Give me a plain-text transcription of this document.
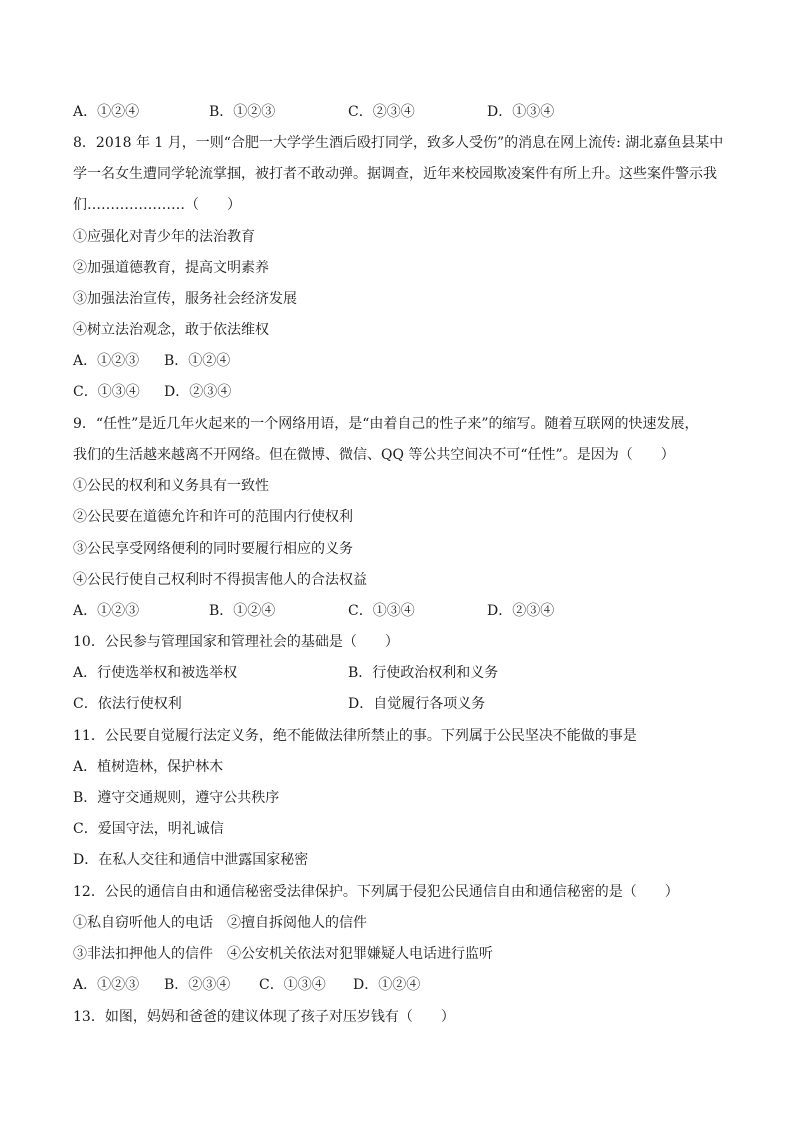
A．①②④	B．①②③	C．②③④	D．①③④
8．2018 年 1 月，一则“合肥一大学学生酒后殴打同学，致多人受伤”的消息在网上流传: 湖北嘉鱼县某中
学一名女生遭同学轮流掌掴，被打者不敢动弹。据调查，近年来校园欺凌案件有所上升。这些案件警示我
们…………………（　　）
①应强化对青少年的法治教育
②加强道德教育，提高文明素养
③加强法治宣传，服务社会经济发展
④树立法治观念，敢于依法维权
A．①②③ B．①②④
C．①③④ D．②③④
9．“任性”是近几年火起来的一个网络用语，是“由着自己的性子来”的缩写。随着互联网的快速发展，
我们的生活越来越离不开网络。但在微博、微信、QQ 等公共空间决不可“任性”。是因为（　　）
①公民的权利和义务具有一致性
②公民要在道德允许和许可的范围内行使权利
③公民享受网络便利的同时要履行相应的义务
④公民行使自己权利时不得损害他人的合法权益
A．①②③	B．①②④	C．①③④	D．②③④
10．公民参与管理国家和管理社会的基础是（　　）
A．行使选举权和被选举权	B．行使政治权利和义务
C．依法行使权利	D．自觉履行各项义务
11．公民要自觉履行法定义务，绝不能做法律所禁止的事。下列属于公民坚决不能做的事是
A．植树造林，保护林木
B．遵守交通规则，遵守公共秩序
C．爱国守法，明礼诚信
D．在私人交往和通信中泄露国家秘密
12．公民的通信自由和通信秘密受法律保护。下列属于侵犯公民通信自由和通信秘密的是（　　）
①私自窃听他人的电话　②擅自拆阅他人的信件
③非法扣押他人的信件　④公安机关依法对犯罪嫌疑人电话进行监听
A．①②③ B．②③④ C．①③④ D．①②④
13．如图，妈妈和爸爸的建议体现了孩子对压岁钱有（　　）
